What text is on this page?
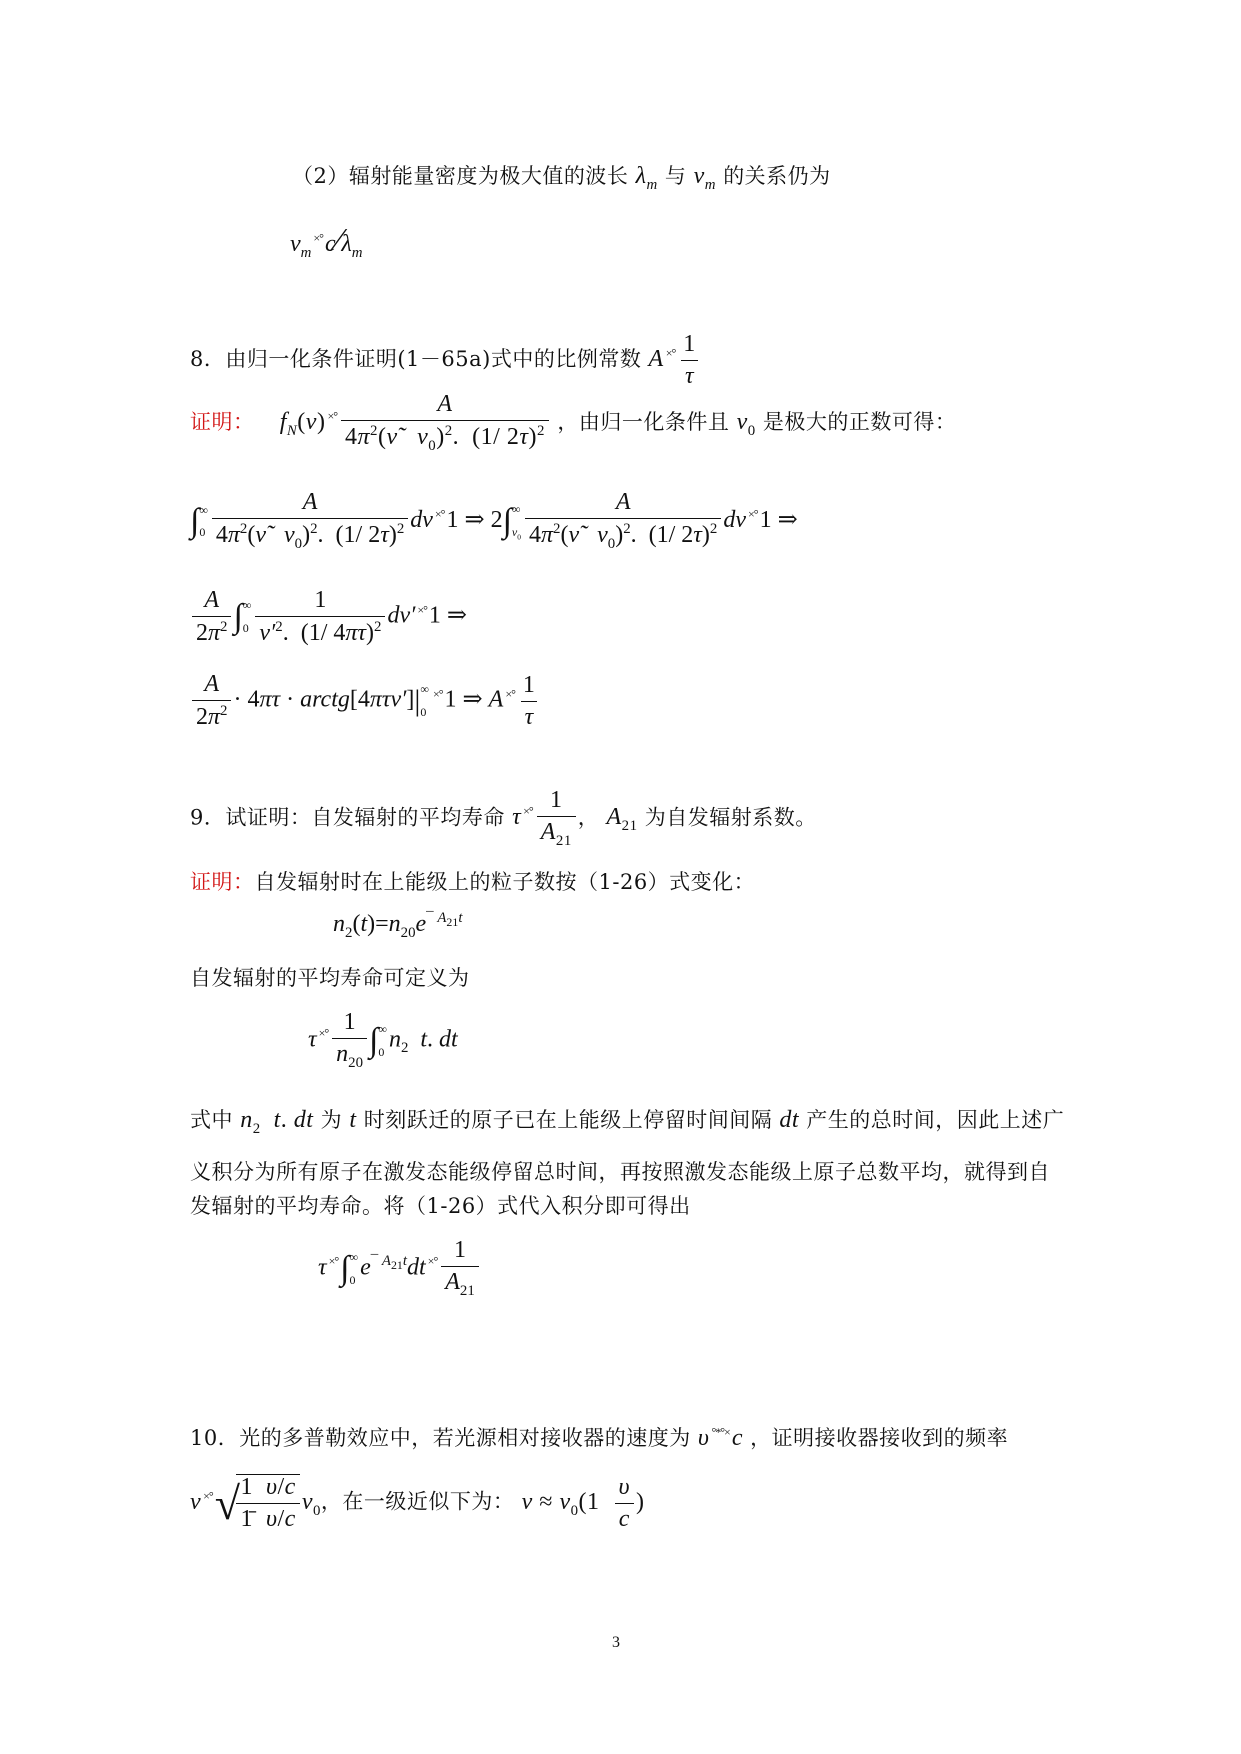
（2）辐射能量密度为极大值的波长 $\lambda_m$ 与 $\nu_m$ 的关系仍为
$\nu_m^{\times^\circ}c⁄\lambda_m$
8．由归一化条件证明(1－65a)式中的比例常数 A $^{\times^\circ} \frac{1}{\tau}$
证明： $f_N(\nu)$ $^{\times^\circ} \frac{A}{4\pi^2(\nũ \nu_0)^2. (1/ 2\tau)^2}$ ，由归一化条件且 $\nu_0$ 是极大的正数可得：
∫ ∞
$0 \frac{A}{4\pi^2(\nũ \nu_0)^2. (1/ 2\tau)^2}$ dν ×°1 ⇒ 2∫ ∞
$\nu_0 \frac{A}{4\pi^2(\nũ \nu_0)^2. (1/ 2\tau)^2}$ dν ×°1 ⇒
$\frac{A}{2\pi^2}$ ∫ ∞
$0 \frac{1}{\nu'^2. (1/ 4\pi\tau)^2} d\nu'$ ×°1 ⇒
$\frac{A}{2\pi^2} \cdot 4\pi\tau$ · arctg[4πτν′]| ∞
0
×°1 ⇒ A $^{\times^\circ} \frac{1}{\tau}$
9．试证明：自发辐射的平均寿命 τ $^{\times^\circ} \frac{1}{A_{21}}$ ， $A_{21}$ 为自发辐射系数。
证明：自发辐射时在上能级上的粒子数按（1-26）式变化：
$n_2(t)=n_{20}e^{¯ A_{21}t}$
自发辐射的平均寿命可定义为
τ $^{\times^\circ} \frac{1}{n_{20}}$ ∫ ∞
0 $n_2$  t. dt
式中 $n_2$  t. dt 为 t 时刻跃迁的原子已在上能级上停留时间间隔 dt 产生的总时间，因此上述广
义积分为所有原子在激发态能级停留总时间，再按照激发态能级上原子总数平均，就得到自
发辐射的平均寿命。将（1-26）式代入积分即可得出
τ ×°∫ ∞
0 $e^{¯ A_{21}t}dt$ $^{\times^\circ} \frac{1}{A_{21}}$
10．光的多普勒效应中，若光源相对接收器的速度为 υ °*°×c ，证明接收器接收到的频率
ν ×°√
$\frac{1 \upsilon/c}{1̄ \upsilon/c} \nu_0$，在一级近似下为： $\nu \approx \nu_0(1 \frac{\upsilon}{c}$ )
3
